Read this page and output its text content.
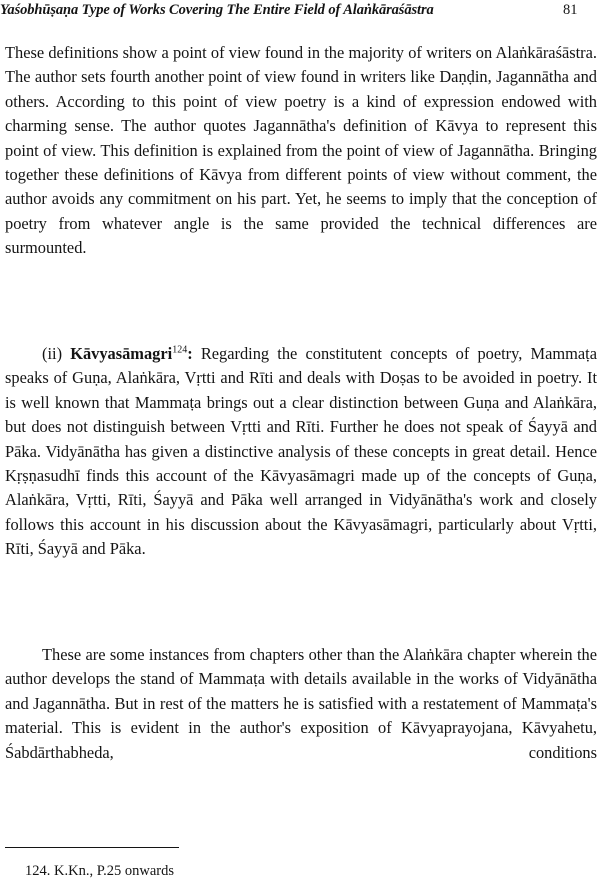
Yaśobhūṣaṇa Type of Works Covering The Entire Field of Alaṅkāraśāstra	81

These definitions show a point of view found in the majority of writers on Alaṅkāraśāstra. The author sets fourth another point of view found in writers like Daṇḍin, Jagannātha and others. According to this point of view poetry is a kind of expression endowed with charming sense. The author quotes Jagannātha's definition of Kāvya to represent this point of view. This definition is explained from the point of view of Jagannātha. Bringing together these definitions of Kāvya from different points of view without comment, the author avoids any commitment on his part. Yet, he seems to imply that the conception of poetry from whatever angle is the same provided the technical differences are surmounted.

(ii) Kāvyasāmagri$^{124}$: Regarding the constitutent concepts of poetry, Mammaṭa speaks of Guṇa, Alaṅkāra, Vṛtti and Rīti and deals with Doṣas to be avoided in poetry. It is well known that Mammaṭa brings out a clear distinction between Guṇa and Alaṅkāra, but does not distinguish between Vṛtti and Rīti. Further he does not speak of Śayyā and Pāka. Vidyānātha has given a distinctive analysis of these concepts in great detail. Hence Kṛṣṇasudhī finds this account of the Kāvyasāmagri made up of the concepts of Guṇa, Alaṅkāra, Vṛtti, Rīti, Śayyā and Pāka well arranged in Vidyānātha's work and closely follows this account in his discussion about the Kāvyasāmagri, particularly about Vṛtti, Rīti, Śayyā and Pāka.

These are some instances from chapters other than the Alaṅkāra chapter wherein the author develops the stand of Mammaṭa with details available in the works of Vidyānātha and Jagannātha. But in rest of the matters he is satisfied with a restatement of Mammaṭa's material. This is evident in the author's exposition of Kāvyaprayojana, Kāvyahetu, Śabdārthabheda, conditions

124. K.Kn., P.25 onwards
